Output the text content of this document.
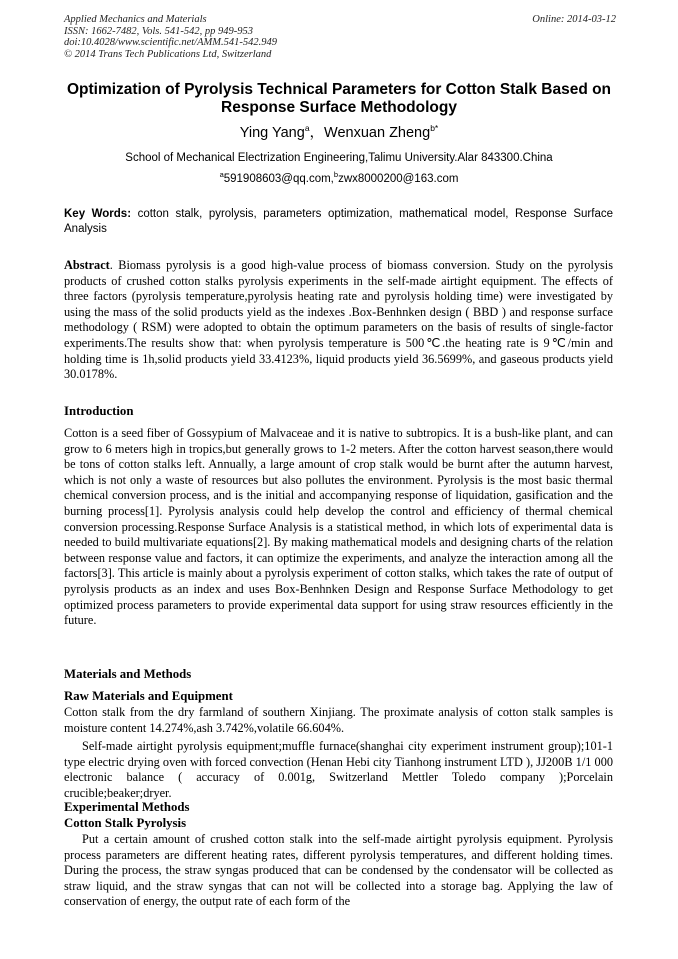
Applied Mechanics and Materials
ISSN: 1662-7482, Vols. 541-542, pp 949-953
doi:10.4028/www.scientific.net/AMM.541-542.949
© 2014 Trans Tech Publications Ltd, Switzerland
Online: 2014-03-12
Optimization of Pyrolysis Technical Parameters for Cotton Stalk Based on Response Surface Methodology
Ying Yang$^a$，Wenxuan Zheng$^{b*}$
School of Mechanical Electrization Engineering,Talimu University.Alar 843300.China
$^a$591908603@qq.com,$^b$zwx8000200@163.com
Key Words: cotton stalk, pyrolysis, parameters optimization, mathematical model, Response Surface Analysis
Abstract. Biomass pyrolysis is a good high-value process of biomass conversion. Study on the pyrolysis products of crushed cotton stalks pyrolysis experiments in the self-made airtight equipment. The effects of three factors (pyrolysis temperature,pyrolysis heating rate and pyrolysis holding time) were investigated by using the mass of the solid products yield as the indexes .Box-Benhnken design ( BBD ) and response surface methodology ( RSM) were adopted to obtain the optimum parameters on the basis of results of single-factor experiments.The results show that: when pyrolysis temperature is 500℃.the heating rate is 9℃/min and holding time is 1h,solid products yield 33.4123%, liquid products yield 36.5699%, and gaseous products yield 30.0178%.
Introduction
Cotton is a seed fiber of Gossypium of Malvaceae and it is native to subtropics. It is a bush-like plant, and can grow to 6 meters high in tropics,but generally grows to 1-2 meters. After the cotton harvest season,there would be tons of cotton stalks left. Annually, a large amount of crop stalk would be burnt after the autumn harvest, which is not only a waste of resources but also pollutes the environment. Pyrolysis is the most basic thermal chemical conversion process, and is the initial and accompanying response of liquidation, gasification and the burning process[1]. Pyrolysis analysis could help develop the control and efficiency of thermal chemical conversion processing.Response Surface Analysis is a statistical method, in which lots of experimental data is needed to build multivariate equations[2]. By making mathematical models and designing charts of the relation between response value and factors, it can optimize the experiments, and analyze the interaction among all the factors[3]. This article is mainly about a pyrolysis experiment of cotton stalks, which takes the rate of output of pyrolysis products as an index and uses Box-Benhnken Design and Response Surface Methodology to get optimized process parameters to provide experimental data support for using straw resources efficiently in the future.
Materials and Methods
Raw Materials and Equipment
Cotton stalk from the dry farmland of southern Xinjiang. The proximate analysis of cotton stalk samples is moisture content 14.274%,ash 3.742%,volatile 66.604%.
Self-made airtight pyrolysis equipment;muffle furnace(shanghai city experiment instrument group);101-1 type electric drying oven with forced convection (Henan Hebi city Tianhong instrument LTD ), JJ200B 1/1 000 electronic balance ( accuracy of 0.001g, Switzerland Mettler Toledo company );Porcelain crucible;beaker;dryer.
Experimental Methods
Cotton Stalk Pyrolysis
Put a certain amount of crushed cotton stalk into the self-made airtight pyrolysis equipment. Pyrolysis process parameters are different heating rates, different pyrolysis temperatures, and different holding times. During the process, the straw syngas produced that can be condensed by the condensator will be collected as straw liquid, and the straw syngas that can not will be collected into a storage bag. Applying the law of conservation of energy, the output rate of each form of the
